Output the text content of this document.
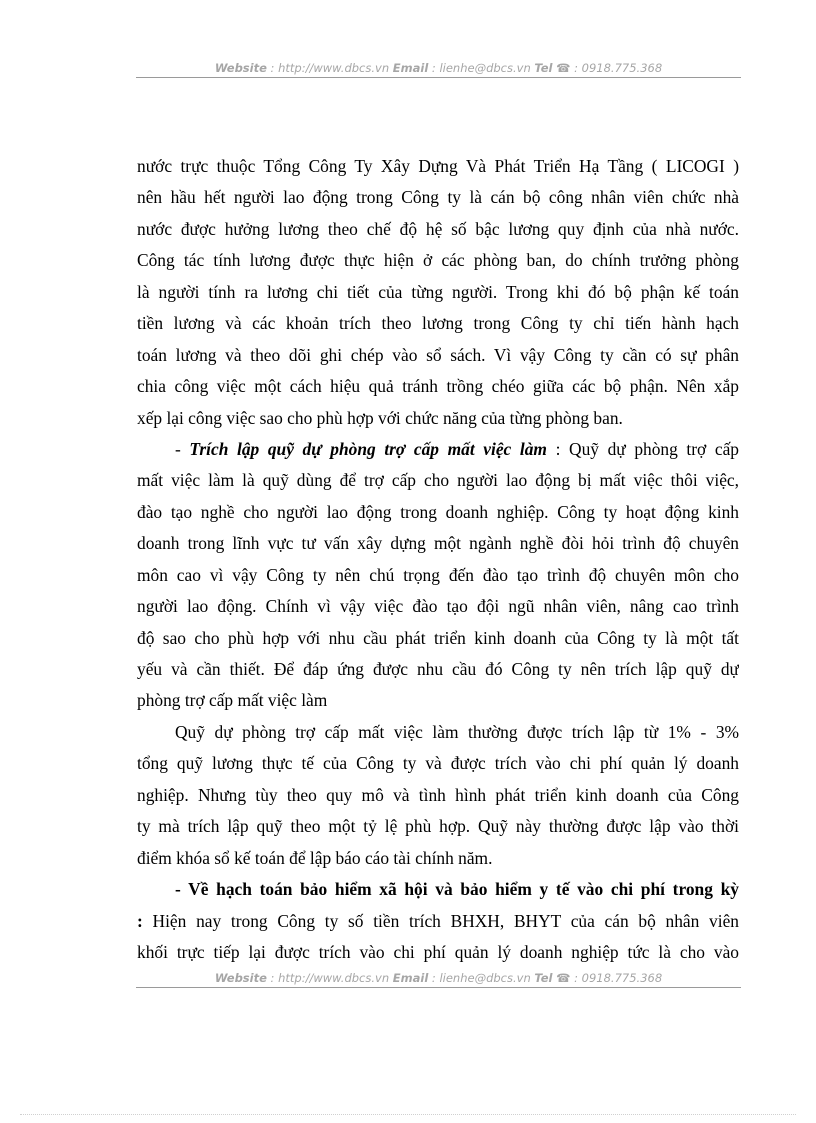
Website : http://www.dbcs.vn Email : lienhe@dbcs.vn Tel ☎ : 0918.775.368
nước trực thuộc Tổng Công Ty Xây Dựng Và Phát Triển Hạ Tầng ( LICOGI )
nên hầu hết người lao động trong Công ty là cán bộ công nhân viên chức nhà
nước được hưởng lương theo chế độ hệ số bậc lương quy định của nhà nước.
Công tác tính lương được thực hiện ở các phòng ban, do chính trưởng phòng
là người tính ra lương chi tiết của từng người. Trong khi đó bộ phận kế toán
tiền lương và các khoản trích theo lương trong Công ty chỉ tiến hành hạch
toán lương và theo dõi ghi chép vào sổ sách. Vì vậy Công ty cần có sự phân
chia công việc một cách hiệu quả tránh trồng chéo giữa các bộ phận. Nên xắp
xếp lại công việc sao cho phù hợp với chức năng của từng phòng ban.
- Trích lập quỹ dự phòng trợ cấp mất việc làm : Quỹ dự phòng trợ cấp
mất việc làm là quỹ dùng để trợ cấp cho người lao động bị mất việc thôi việc,
đào tạo nghề cho người lao động trong doanh nghiệp. Công ty hoạt động kinh
doanh trong lĩnh vực tư vấn xây dựng một ngành nghề đòi hỏi trình độ chuyên
môn cao vì vậy Công ty nên chú trọng đến đào tạo trình độ chuyên môn cho
người lao động. Chính vì vậy việc đào tạo đội ngũ nhân viên, nâng cao trình
độ sao cho phù hợp với nhu cầu phát triển kinh doanh của Công ty là một tất
yếu và cần thiết. Để đáp ứng được nhu cầu đó Công ty nên trích lập quỹ dự
phòng trợ cấp mất việc làm
Quỹ dự phòng trợ cấp mất việc làm thường được trích lập từ 1% - 3%
tổng quỹ lương thực tế của Công ty và được trích vào chi phí quản lý doanh
nghiệp. Nhưng tùy theo quy mô và tình hình phát triển kinh doanh của Công
ty mà trích lập quỹ theo một tỷ lệ phù hợp. Quỹ này thường được lập vào thời
điểm khóa sổ kế toán để lập báo cáo tài chính năm.
- Về hạch toán bảo hiểm xã hội và bảo hiểm y tế vào chi phí trong kỳ
: Hiện nay trong Công ty số tiền trích BHXH, BHYT của cán bộ nhân viên
khối trực tiếp lại được trích vào chi phí quản lý doanh nghiệp tức là cho vào
Website : http://www.dbcs.vn Email : lienhe@dbcs.vn Tel ☎ : 0918.775.368
